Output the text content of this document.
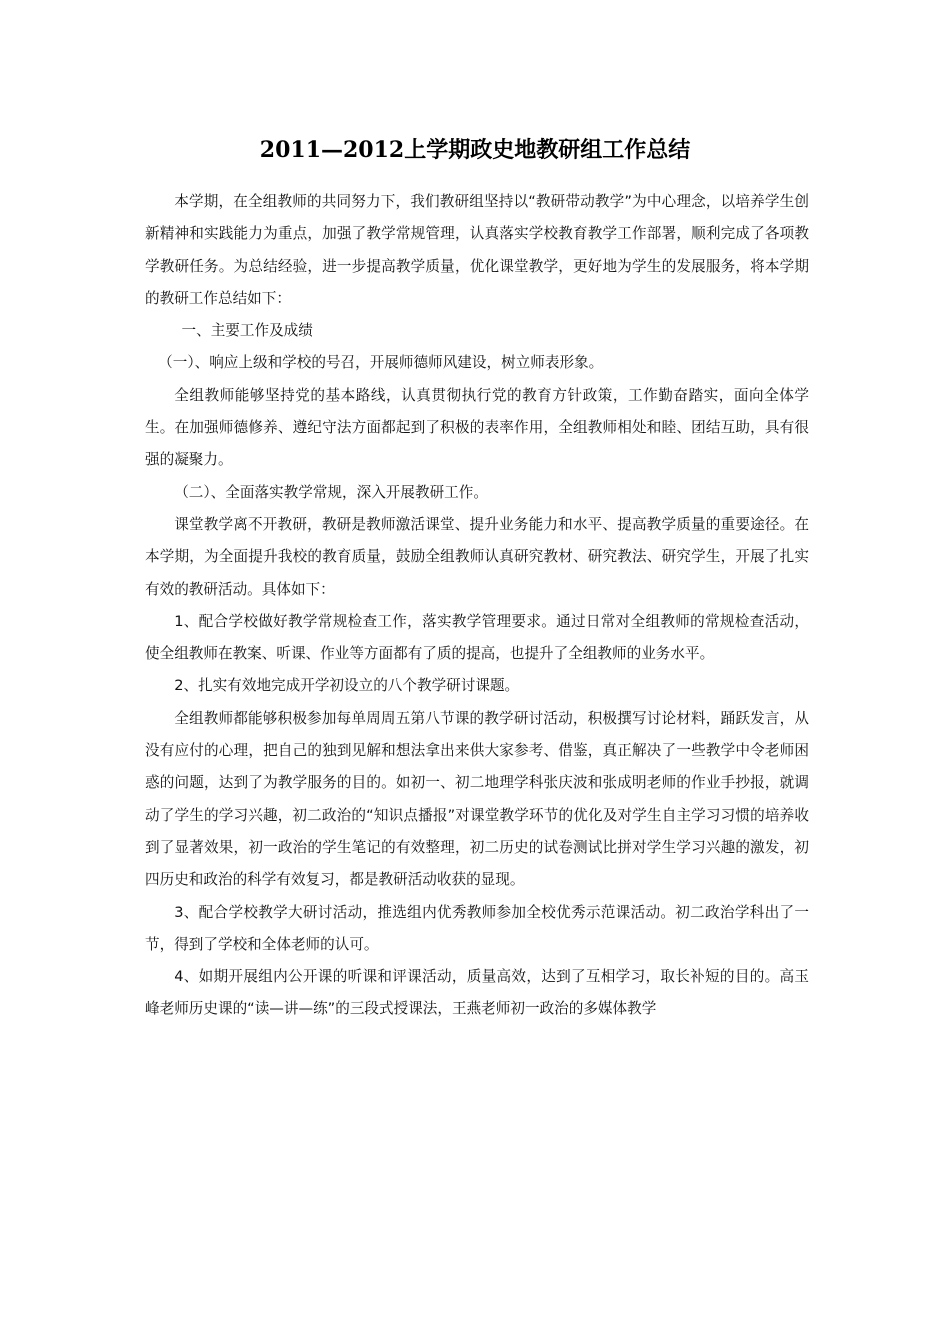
2011—2012上学期政史地教研组工作总结

本学期，在全组教师的共同努力下，我们教研组坚持以“教研带动教学”为中心理念，以培养学生创新精神和实践能力为重点，加强了教学常规管理，认真落实学校教育教学工作部署，顺利完成了各项教学教研任务。为总结经验，进一步提高教学质量，优化课堂教学，更好地为学生的发展服务，将本学期的教研工作总结如下：

一、主要工作及成绩

（一）、响应上级和学校的号召，开展师德师风建设，树立师表形象。

全组教师能够坚持党的基本路线，认真贯彻执行党的教育方针政策，工作勤奋踏实，面向全体学生。在加强师德修养、遵纪守法方面都起到了积极的表率作用，全组教师相处和睦、团结互助，具有很强的凝聚力。

（二）、全面落实教学常规，深入开展教研工作。

课堂教学离不开教研，教研是教师激活课堂、提升业务能力和水平、提高教学质量的重要途径。在本学期，为全面提升我校的教育质量，鼓励全组教师认真研究教材、研究教法、研究学生，开展了扎实有效的教研活动。具体如下：

1、配合学校做好教学常规检查工作，落实教学管理要求。通过日常对全组教师的常规检查活动，使全组教师在教案、听课、作业等方面都有了质的提高，也提升了全组教师的业务水平。

2、扎实有效地完成开学初设立的八个教学研讨课题。

全组教师都能够积极参加每单周周五第八节课的教学研讨活动，积极撰写讨论材料，踊跃发言，从没有应付的心理，把自己的独到见解和想法拿出来供大家参考、借鉴，真正解决了一些教学中令老师困惑的问题，达到了为教学服务的目的。如初一、初二地理学科张庆波和张成明老师的作业手抄报，就调动了学生的学习兴趣，初二政治的“知识点播报”对课堂教学环节的优化及对学生自主学习习惯的培养收到了显著效果，初一政治的学生笔记的有效整理，初二历史的试卷测试比拼对学生学习兴趣的激发，初四历史和政治的科学有效复习，都是教研活动收获的显现。

3、配合学校教学大研讨活动，推选组内优秀教师参加全校优秀示范课活动。初二政治学科出了一节，得到了学校和全体老师的认可。

4、如期开展组内公开课的听课和评课活动，质量高效，达到了互相学习，取长补短的目的。高玉峰老师历史课的“读—讲—练”的三段式授课法，王燕老师初一政治的多媒体教学
